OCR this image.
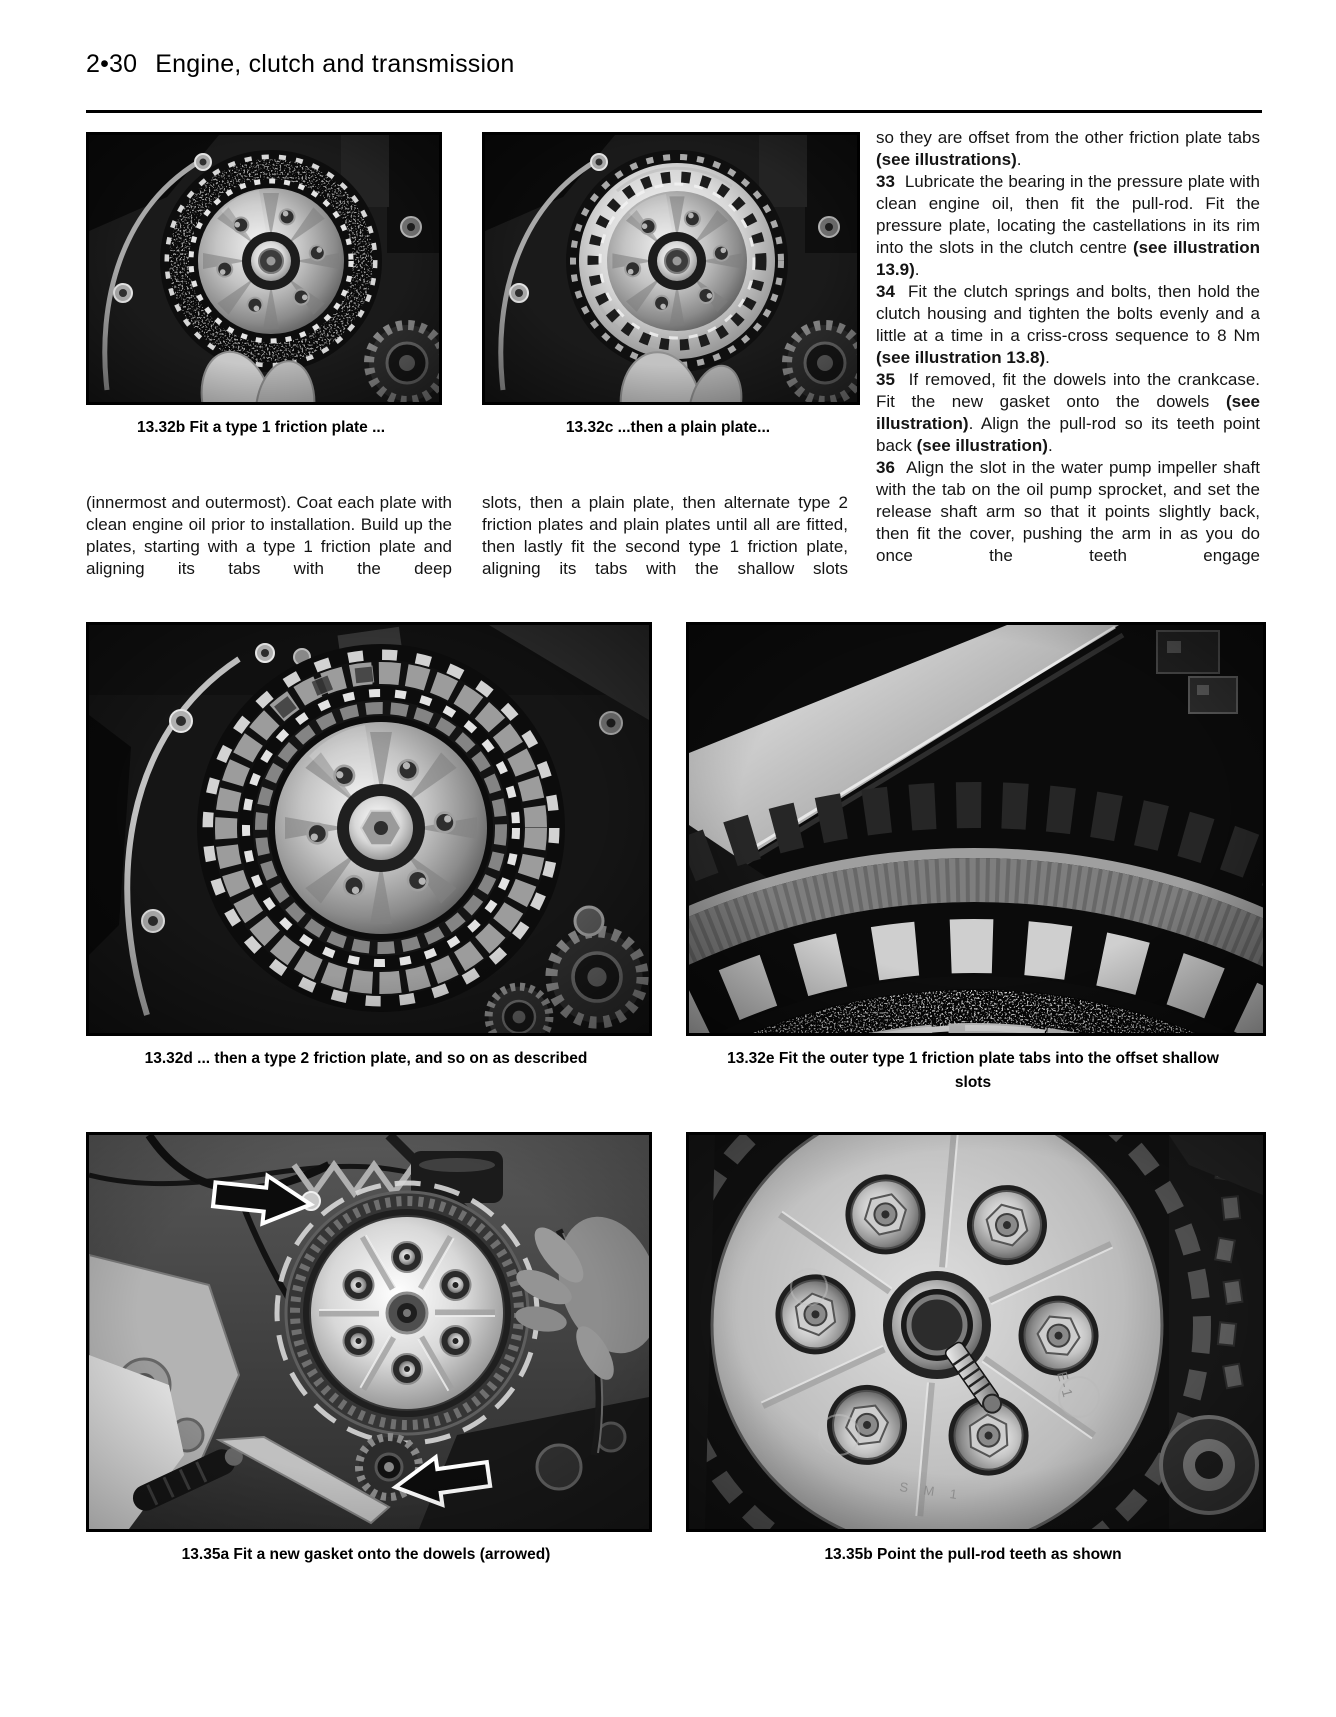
2•30 Engine, clutch and transmission
13.32b Fit a type 1 friction plate ...	13.32c ...then a plain plate...

so they are offset from the other friction plate tabs (see illustrations).

33  Lubricate the bearing in the pressure plate with clean engine oil, then fit the pull-rod. Fit the pressure plate, locating the castellations in its rim into the slots in the clutch centre (see illustration 13.9).

34  Fit the clutch springs and bolts, then hold the clutch housing and tighten the bolts evenly and a little at a time in a criss-cross sequence to 8 Nm (see illustration 13.8).

35  If removed, fit the dowels into the crankcase. Fit the new gasket onto the dowels (see illustration). Align the pull-rod so its teeth point back (see illustration).

36  Align the slot in the water pump impeller shaft with the tab on the oil pump sprocket, and set the release shaft arm so that it points slightly back, then fit the cover, pushing the arm in as you do once the teeth engage

(innermost and outermost). Coat each plate with clean engine oil prior to installation. Build up the plates, starting with a type 1 friction plate and aligning its tabs with the deep

slots, then a plain plate, then alternate type 2 friction plates and plain plates until all are fitted, then lastly fit the second type 1 friction plate, aligning its tabs with the shallow slots

13.32d ... then a type 2 friction plate, and so on as described	13.32e Fit the outer type 1 friction plate tabs into the offset shallow slots
13.35a Fit a new gasket onto the dowels (arrowed)	13.35b Point the pull-rod teeth as shown
